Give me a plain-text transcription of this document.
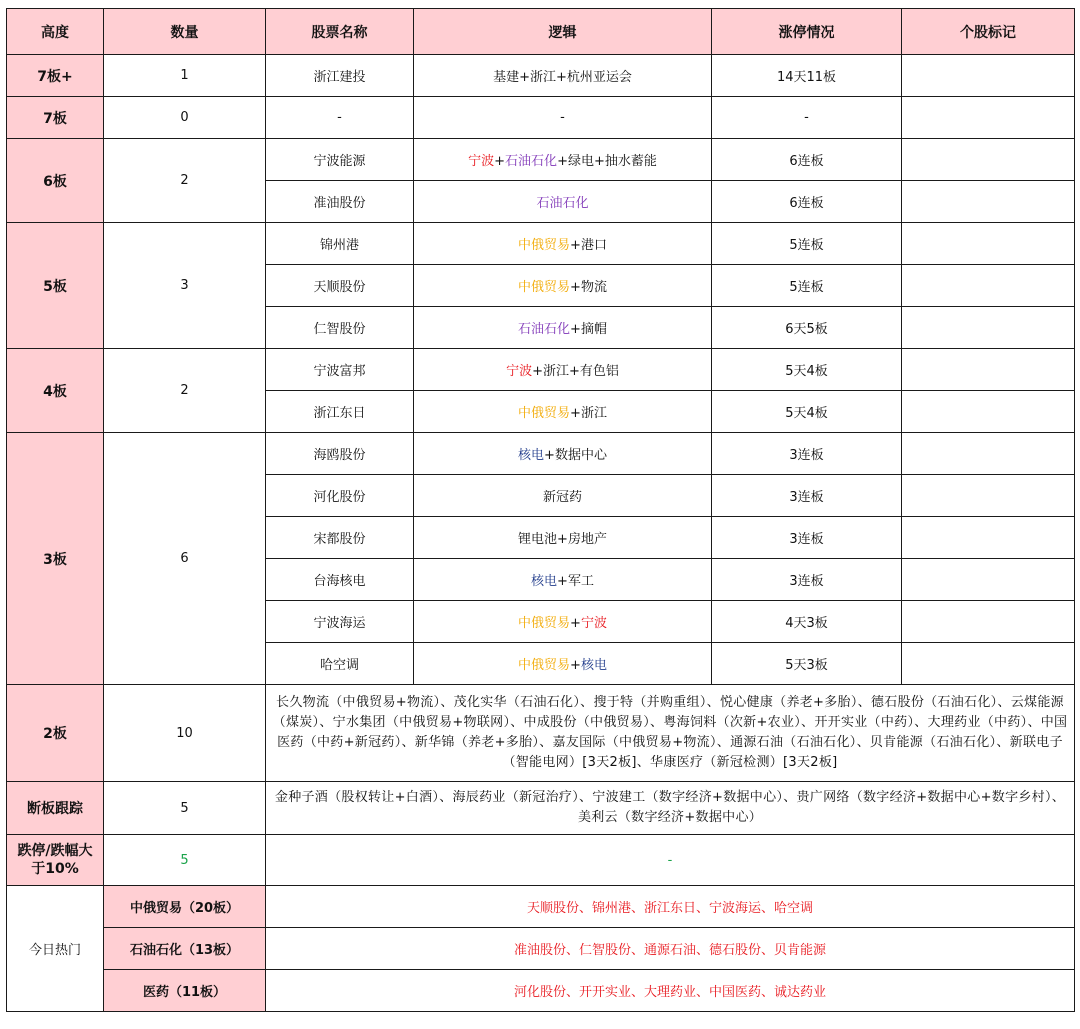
高度	数量	股票名称	逻辑	涨停情况	个股标记
7板+	1	浙江建投	基建+浙江+杭州亚运会	14天11板	
7板	0	-	-	-	
6板	2	宁波能源	宁波+石油石化+绿电+抽水蓄能	6连板	
		准油股份	石油石化	6连板	
5板	3	锦州港	中俄贸易+港口	5连板	
		天顺股份	中俄贸易+物流	5连板	
		仁智股份	石油石化+摘帽	6天5板	
4板	2	宁波富邦	宁波+浙江+有色铝	5天4板	
		浙江东日	中俄贸易+浙江	5天4板	
3板	6	海鸥股份	核电+数据中心	3连板	
		河化股份	新冠药	3连板	
		宋都股份	锂电池+房地产	3连板	
		台海核电	核电+军工	3连板	
		宁波海运	中俄贸易+宁波	4天3板	
		哈空调	中俄贸易+核电	5天3板	
2板	10	长久物流（中俄贸易+物流）、茂化实华（石油石化）、搜于特（并购重组）、悦心健康（养老+多胎）、德石股份（石油石化）、云煤能源（煤炭）、宁水集团（中俄贸易+物联网）、中成股份（中俄贸易）、粤海饲料（次新+农业）、开开实业（中药）、大理药业（中药）、中国医药（中药+新冠药）、新华锦（养老+多胎）、嘉友国际（中俄贸易+物流）、通源石油（石油石化）、贝肯能源（石油石化）、新联电子（智能电网）[3天2板]、华康医疗（新冠检测）[3天2板]			
断板跟踪	5	金种子酒（股权转让+白酒）、海辰药业（新冠治疗）、宁波建工（数字经济+数据中心）、贵广网络（数字经济+数据中心+数字乡村）、美利云（数字经济+数据中心）			
跌停/跌幅大于10%	5	-			
今日热门	中俄贸易（20板）	天顺股份、锦州港、浙江东日、宁波海运、哈空调			
	石油石化（13板）	准油股份、仁智股份、通源石油、德石股份、贝肯能源			
	医药（11板）	河化股份、开开实业、大理药业、中国医药、诚达药业			
